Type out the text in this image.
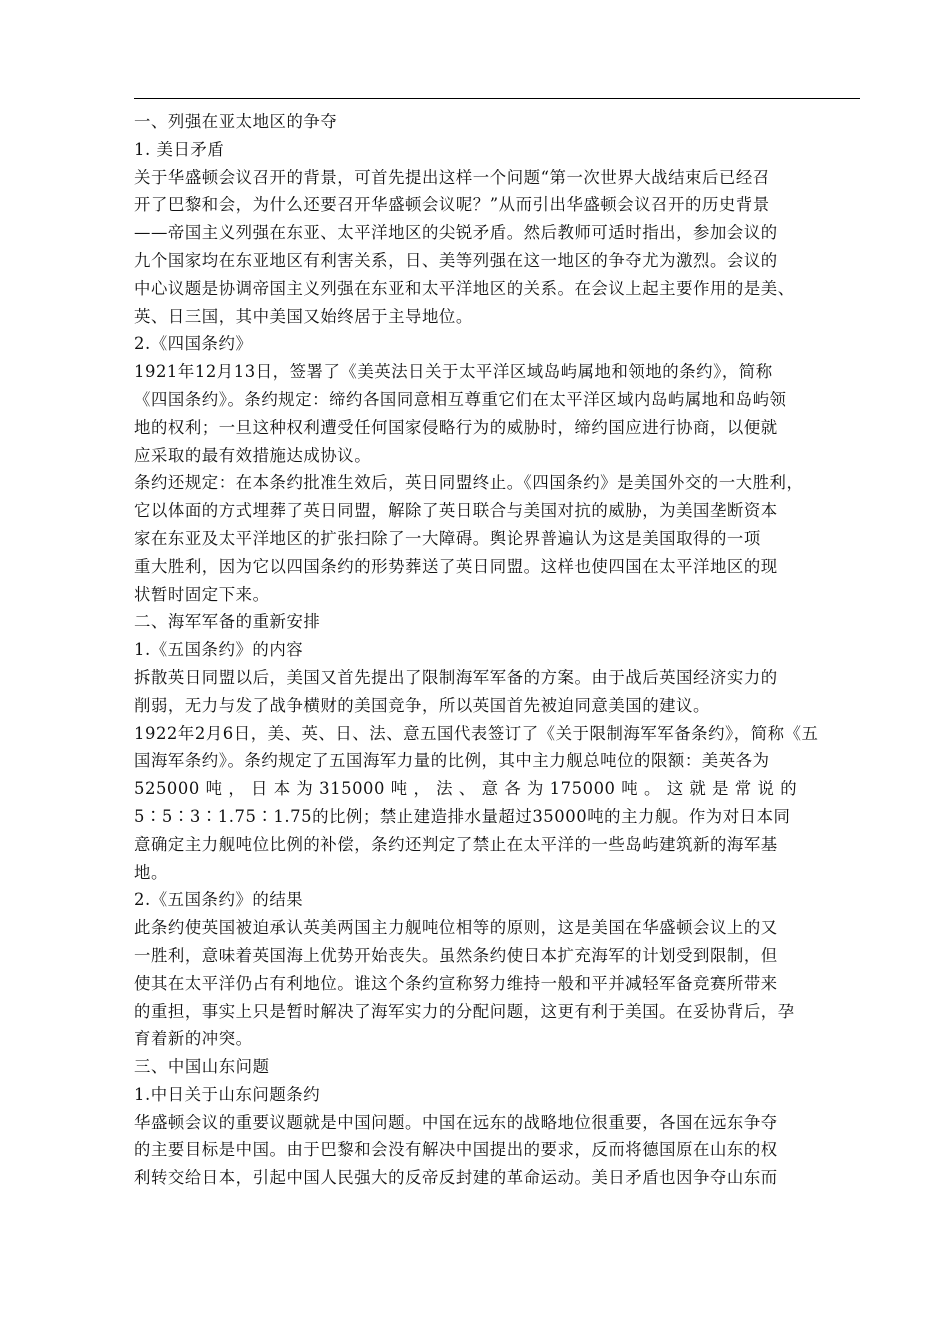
一、列强在亚太地区的争夺
1. 美日矛盾
关于华盛顿会议召开的背景，可首先提出这样一个问题“第一次世界大战结束后已经召
开了巴黎和会，为什么还要召开华盛顿会议呢？”从而引出华盛顿会议召开的历史背景
——帝国主义列强在东亚、太平洋地区的尖锐矛盾。然后教师可适时指出，参加会议的
九个国家均在东亚地区有利害关系，日、美等列强在这一地区的争夺尤为激烈。会议的
中心议题是协调帝国主义列强在东亚和太平洋地区的关系。在会议上起主要作用的是美、
英、日三国，其中美国又始终居于主导地位。
2.《四国条约》
1921年12月13日，签署了《美英法日关于太平洋区域岛屿属地和领地的条约》，简称
《四国条约》。条约规定：缔约各国同意相互尊重它们在太平洋区域内岛屿属地和岛屿领
地的权利；一旦这种权利遭受任何国家侵略行为的威胁时，缔约国应进行协商，以便就
应采取的最有效措施达成协议。
条约还规定：在本条约批准生效后，英日同盟终止。《四国条约》是美国外交的一大胜利，
它以体面的方式埋葬了英日同盟，解除了英日联合与美国对抗的威胁，为美国垄断资本
家在东亚及太平洋地区的扩张扫除了一大障碍。舆论界普遍认为这是美国取得的一项
重大胜利，因为它以四国条约的形势葬送了英日同盟。这样也使四国在太平洋地区的现
状暂时固定下来。
二、海军军备的重新安排
1.《五国条约》的内容
拆散英日同盟以后，美国又首先提出了限制海军军备的方案。由于战后英国经济实力的
削弱，无力与发了战争横财的美国竞争，所以英国首先被迫同意美国的建议。
1922年2月6日，美、英、日、法、意五国代表签订了《关于限制海军军备条约》，简称《五
国海军条约》。条约规定了五国海军力量的比例，其中主力舰总吨位的限额：美英各为
525000 吨 ， 日 本 为 315000 吨 ， 法 、 意 各 为 175000 吨 。 这 就 是 常 说 的
5∶5∶3∶1.75∶1.75的比例；禁止建造排水量超过35000吨的主力舰。作为对日本同
意确定主力舰吨位比例的补偿，条约还判定了禁止在太平洋的一些岛屿建筑新的海军基
地。
2.《五国条约》的结果
此条约使英国被迫承认英美两国主力舰吨位相等的原则，这是美国在华盛顿会议上的又
一胜利，意味着英国海上优势开始丧失。虽然条约使日本扩充海军的计划受到限制，但
使其在太平洋仍占有利地位。谁这个条约宣称努力维持一般和平并减轻军备竞赛所带来
的重担，事实上只是暂时解决了海军实力的分配问题，这更有利于美国。在妥协背后，孕
育着新的冲突。
三、中国山东问题
1.中日关于山东问题条约
华盛顿会议的重要议题就是中国问题。中国在远东的战略地位很重要，各国在远东争夺
的主要目标是中国。由于巴黎和会没有解决中国提出的要求，反而将德国原在山东的权
利转交给日本，引起中国人民强大的反帝反封建的革命运动。美日矛盾也因争夺山东而
